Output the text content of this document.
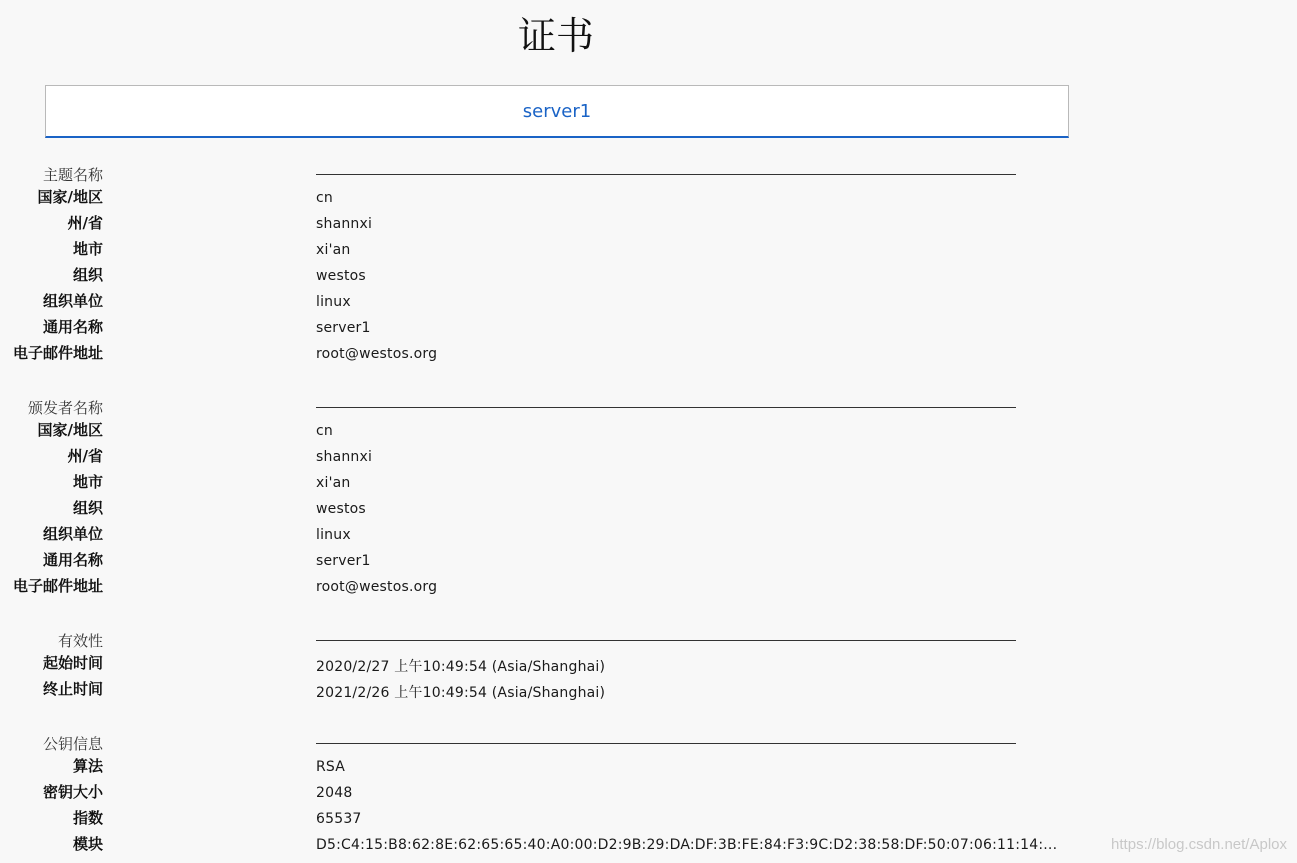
证书
server1
主题名称
国家/地区	cn
州/省	shannxi
地市	xi'an
组织	westos
组织单位	linux
通用名称	server1
电子邮件地址	root@westos.org
颁发者名称
国家/地区	cn
州/省	shannxi
地市	xi'an
组织	westos
组织单位	linux
通用名称	server1
电子邮件地址	root@westos.org
有效性
起始时间	2020/2/27 上午10:49:54 (Asia/Shanghai)
终止时间	2021/2/26 上午10:49:54 (Asia/Shanghai)
公钥信息
算法	RSA
密钥大小	2048
指数	65537
模块	D5:C4:15:B8:62:8E:62:65:65:40:A0:00:D2:9B:29:DA:DF:3B:FE:84:F3:9C:D2:38:58:DF:50:07:06:11:14:...	https://blog.csdn.net/Aplox
